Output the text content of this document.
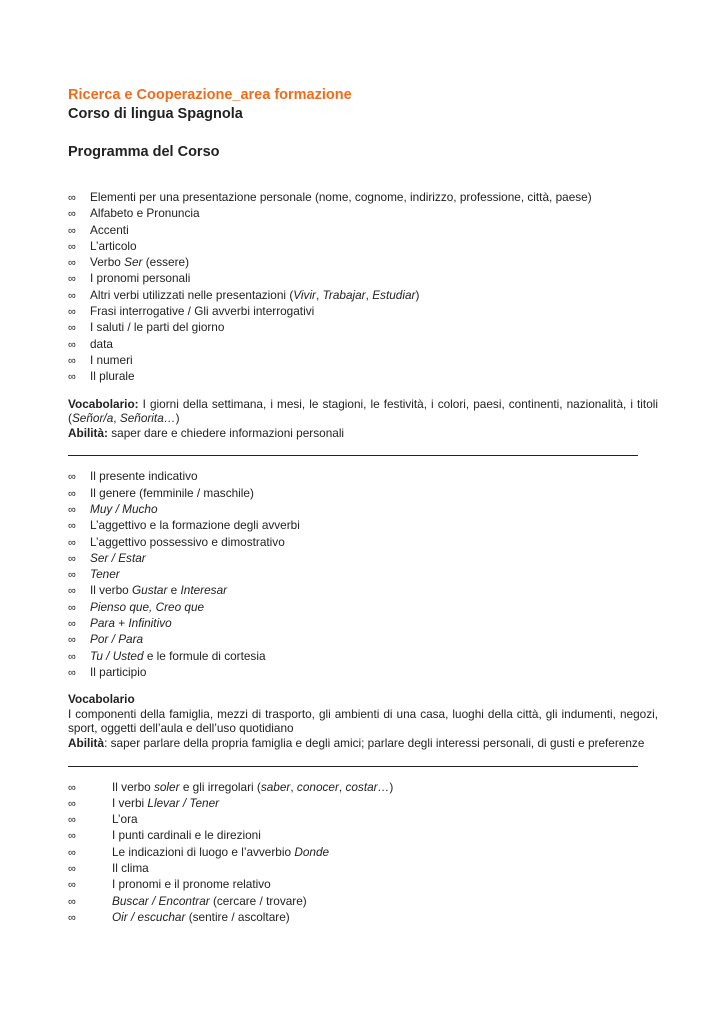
Ricerca e Cooperazione_area formazione

Corso di lingua Spagnola

Programma del Corso

∞	Elementi per una presentazione personale (nome, cognome, indirizzo, professione, città, paese)
∞	Alfabeto e Pronuncia
∞	Accenti
∞	L’articolo
∞	Verbo Ser (essere)
∞	I pronomi personali
∞	Altri verbi utilizzati nelle presentazioni (Vivir, Trabajar, Estudiar)
∞	Frasi interrogative / Gli avverbi interrogativi
∞	I saluti / le parti del giorno
∞	data
∞	I numeri
∞	Il plurale

Vocabolario: I giorni della settimana, i mesi, le stagioni, le festività, i colori, paesi, continenti, nazionalità, i titoli (Señor/a, Señorita…)

Abilità: saper dare e chiedere informazioni personali

∞	Il presente indicativo
∞	Il genere (femminile / maschile)
∞	Muy / Mucho
∞	L’aggettivo e la formazione degli avverbi
∞	L’aggettivo possessivo e dimostrativo
∞	Ser / Estar
∞	Tener
∞	Il verbo Gustar e Interesar
∞	Pienso que, Creo que
∞	Para + Infinitivo
∞	Por / Para
∞	Tu / Usted e le formule di cortesia
∞	Il participio

Vocabolario

I componenti della famiglia, mezzi di trasporto, gli ambienti di una casa, luoghi della città, gli indumenti, negozi, sport, oggetti dell’aula e dell’uso quotidiano

Abilità: saper parlare della propria famiglia e degli amici; parlare degli interessi personali, di gusti e preferenze

∞	Il verbo soler e gli irregolari (saber, conocer, costar…)
∞	I verbi Llevar / Tener
∞	L’ora
∞	I punti cardinali e le direzioni
∞	Le indicazioni di luogo e l’avverbio Donde
∞	Il clima
∞	I pronomi e il pronome relativo
∞	Buscar / Encontrar (cercare / trovare)
∞	Oir / escuchar (sentire / ascoltare)
